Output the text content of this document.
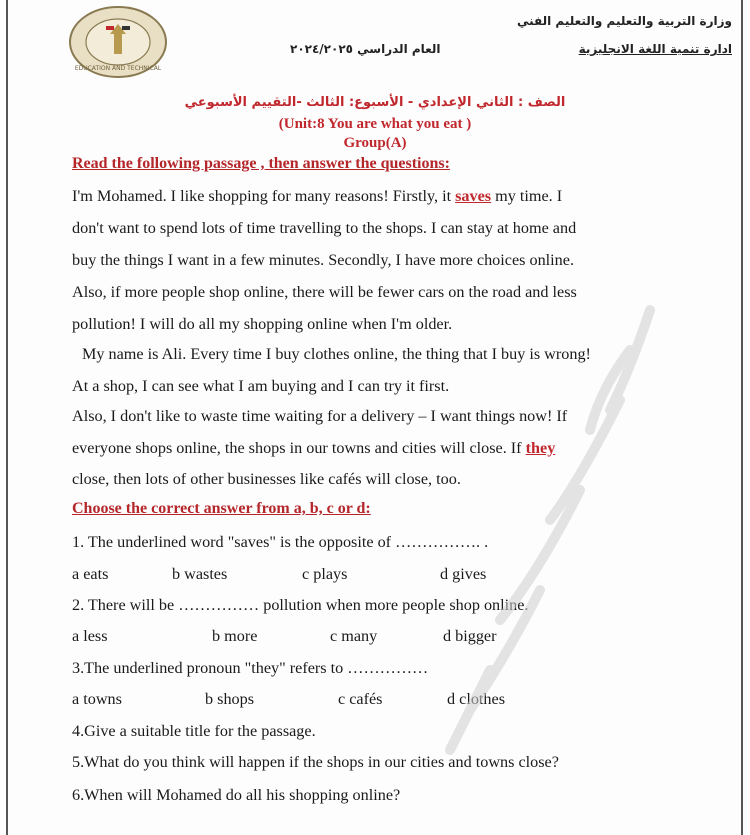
EDUCATION AND TECHNICAL
وزارة التربية والتعليم والتعليم الفني
ادارة تنمية اللغة الانجليزية
العام الدراسي ٢٠٢٤/٢٠٢٥
الصف : الثاني الإعدادي - الأسبوع: الثالث -التقييم الأسبوعي
(Unit:8 You are what you eat )
Group(A)
Read the following passage , then answer the questions:
I'm Mohamed. I like shopping for many reasons! Firstly, it saves my time. I
don't want to spend lots of time travelling to the shops. I can stay at home and
buy the things I want in a few minutes. Secondly, I have more choices online.
Also, if more people shop online, there will be fewer cars on the road and less
pollution! I will do all my shopping online when I'm older.
My name is Ali. Every time I buy clothes online, the thing that I buy is wrong!
At a shop, I can see what I am buying and I can try it first.
Also, I don't like to waste time waiting for a delivery – I want things now! If
everyone shops online, the shops in our towns and cities will close. If they
close, then lots of other businesses like cafés will close, too.
Choose the correct answer from a, b, c or d:
1. The underlined word "saves" is the opposite of ……………. .
a eats	b wastes	c plays	d gives
2. There will be …………… pollution when more people shop online.
a less	b more	c many	d bigger
3.The underlined pronoun "they" refers to ……………
a towns	b shops	c cafés	d clothes
4.Give a suitable title for the passage.
5.What do you think will happen if the shops in our cities and towns close?
6.When will Mohamed do all his shopping online?
